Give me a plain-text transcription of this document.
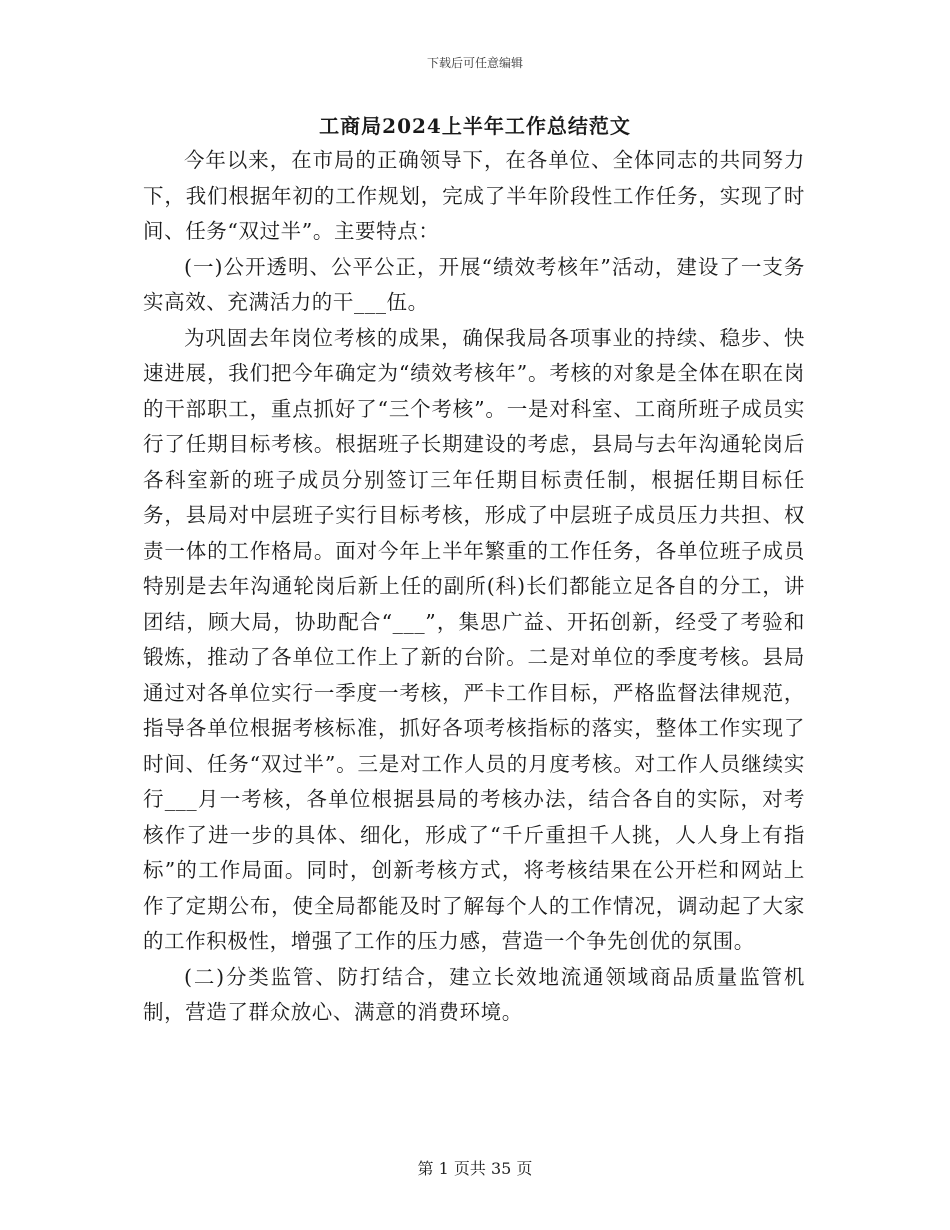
下载后可任意编辑
工商局2024上半年工作总结范文

今年以来，在市局的正确领导下，在各单位、全体同志的共同努力下，我们根据年初的工作规划，完成了半年阶段性工作任务，实现了时间、任务“双过半”。主要特点：

(一)公开透明、公平公正，开展“绩效考核年”活动，建设了一支务实高效、充满活力的干___伍。

为巩固去年岗位考核的成果，确保我局各项事业的持续、稳步、快速进展，我们把今年确定为“绩效考核年”。考核的对象是全体在职在岗的干部职工，重点抓好了“三个考核”。一是对科室、工商所班子成员实行了任期目标考核。根据班子长期建设的考虑，县局与去年沟通轮岗后各科室新的班子成员分别签订三年任期目标责任制，根据任期目标任务，县局对中层班子实行目标考核，形成了中层班子成员压力共担、权责一体的工作格局。面对今年上半年繁重的工作任务，各单位班子成员特别是去年沟通轮岗后新上任的副所(科)长们都能立足各自的分工，讲团结，顾大局，协助配合“___”，集思广益、开拓创新，经受了考验和锻炼，推动了各单位工作上了新的台阶。二是对单位的季度考核。县局通过对各单位实行一季度一考核，严卡工作目标，严格监督法律规范，指导各单位根据考核标准，抓好各项考核指标的落实，整体工作实现了时间、任务“双过半”。三是对工作人员的月度考核。对工作人员继续实行___月一考核，各单位根据县局的考核办法，结合各自的实际，对考核作了进一步的具体、细化，形成了“千斤重担千人挑，人人身上有指标”的工作局面。同时，创新考核方式，将考核结果在公开栏和网站上作了定期公布，使全局都能及时了解每个人的工作情况，调动起了大家的工作积极性，增强了工作的压力感，营造一个争先创优的氛围。

(二)分类监管、防打结合，建立长效地流通领域商品质量监管机制，营造了群众放心、满意的消费环境。

第 1 页共 35 页
